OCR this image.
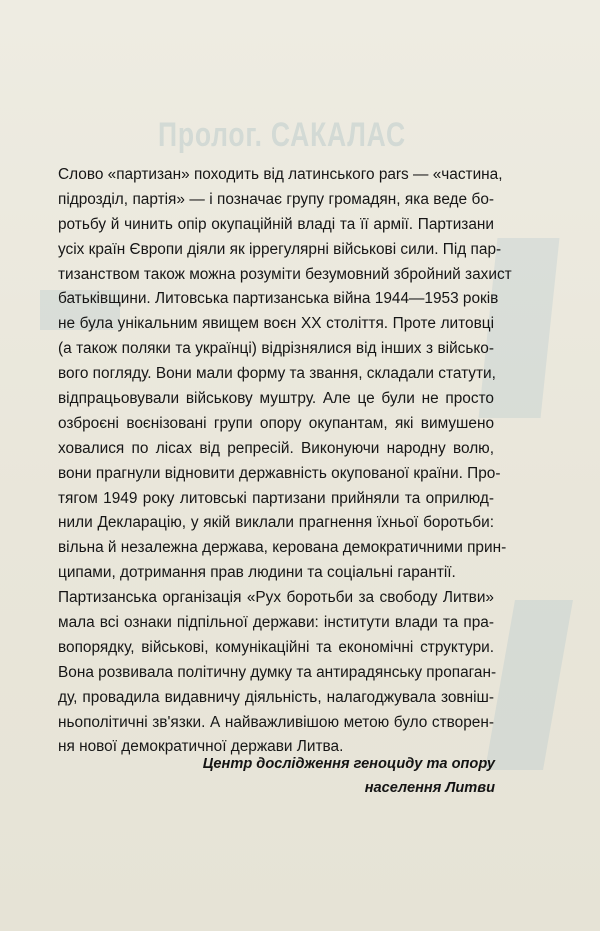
Пролог. САКАЛАС
Слово «партизан» походить від латинського pars — «частина,
підрозділ, партія» — і позначає групу громадян, яка веде бо-
ротьбу й чинить опір окупаційній владі та її армії. Партизани
усіх країн Європи діяли як іррегулярні військові сили. Під пар-
тизанством також можна розуміти безумовний збройний захист
батьківщини. Литовська партизанська війна 1944—1953 років
не була унікальним явищем воєн XX століття. Проте литовці
(а також поляки та українці) відрізнялися від інших з військо-
вого погляду. Вони мали форму та звання, складали статути,
відпрацьовували військову муштру. Але це були не просто
озброєні воєнізовані групи опору окупантам, які вимушено
ховалися по лісах від репресій. Виконуючи народну волю,
вони прагнули відновити державність окупованої країни. Про-
тягом 1949 року литовські партизани прийняли та оприлюд-
нили Декларацію, у якій виклали прагнення їхньої боротьби:
вільна й незалежна держава, керована демократичними прин-
ципами, дотримання прав людини та соціальні гарантії.
Партизанська організація «Рух боротьби за свободу Литви»
мала всі ознаки підпільної держави: інститути влади та пра-
вопорядку, військові, комунікаційні та економічні структури.
Вона розвивала політичну думку та антирадянську пропаган-
ду, провадила видавничу діяльність, налагоджувала зовніш-
ньополітичні зв'язки. А найважливішою метою було створен-
ня нової демократичної держави Литва.
Центр дослідження геноциду та опору
населення Литви
